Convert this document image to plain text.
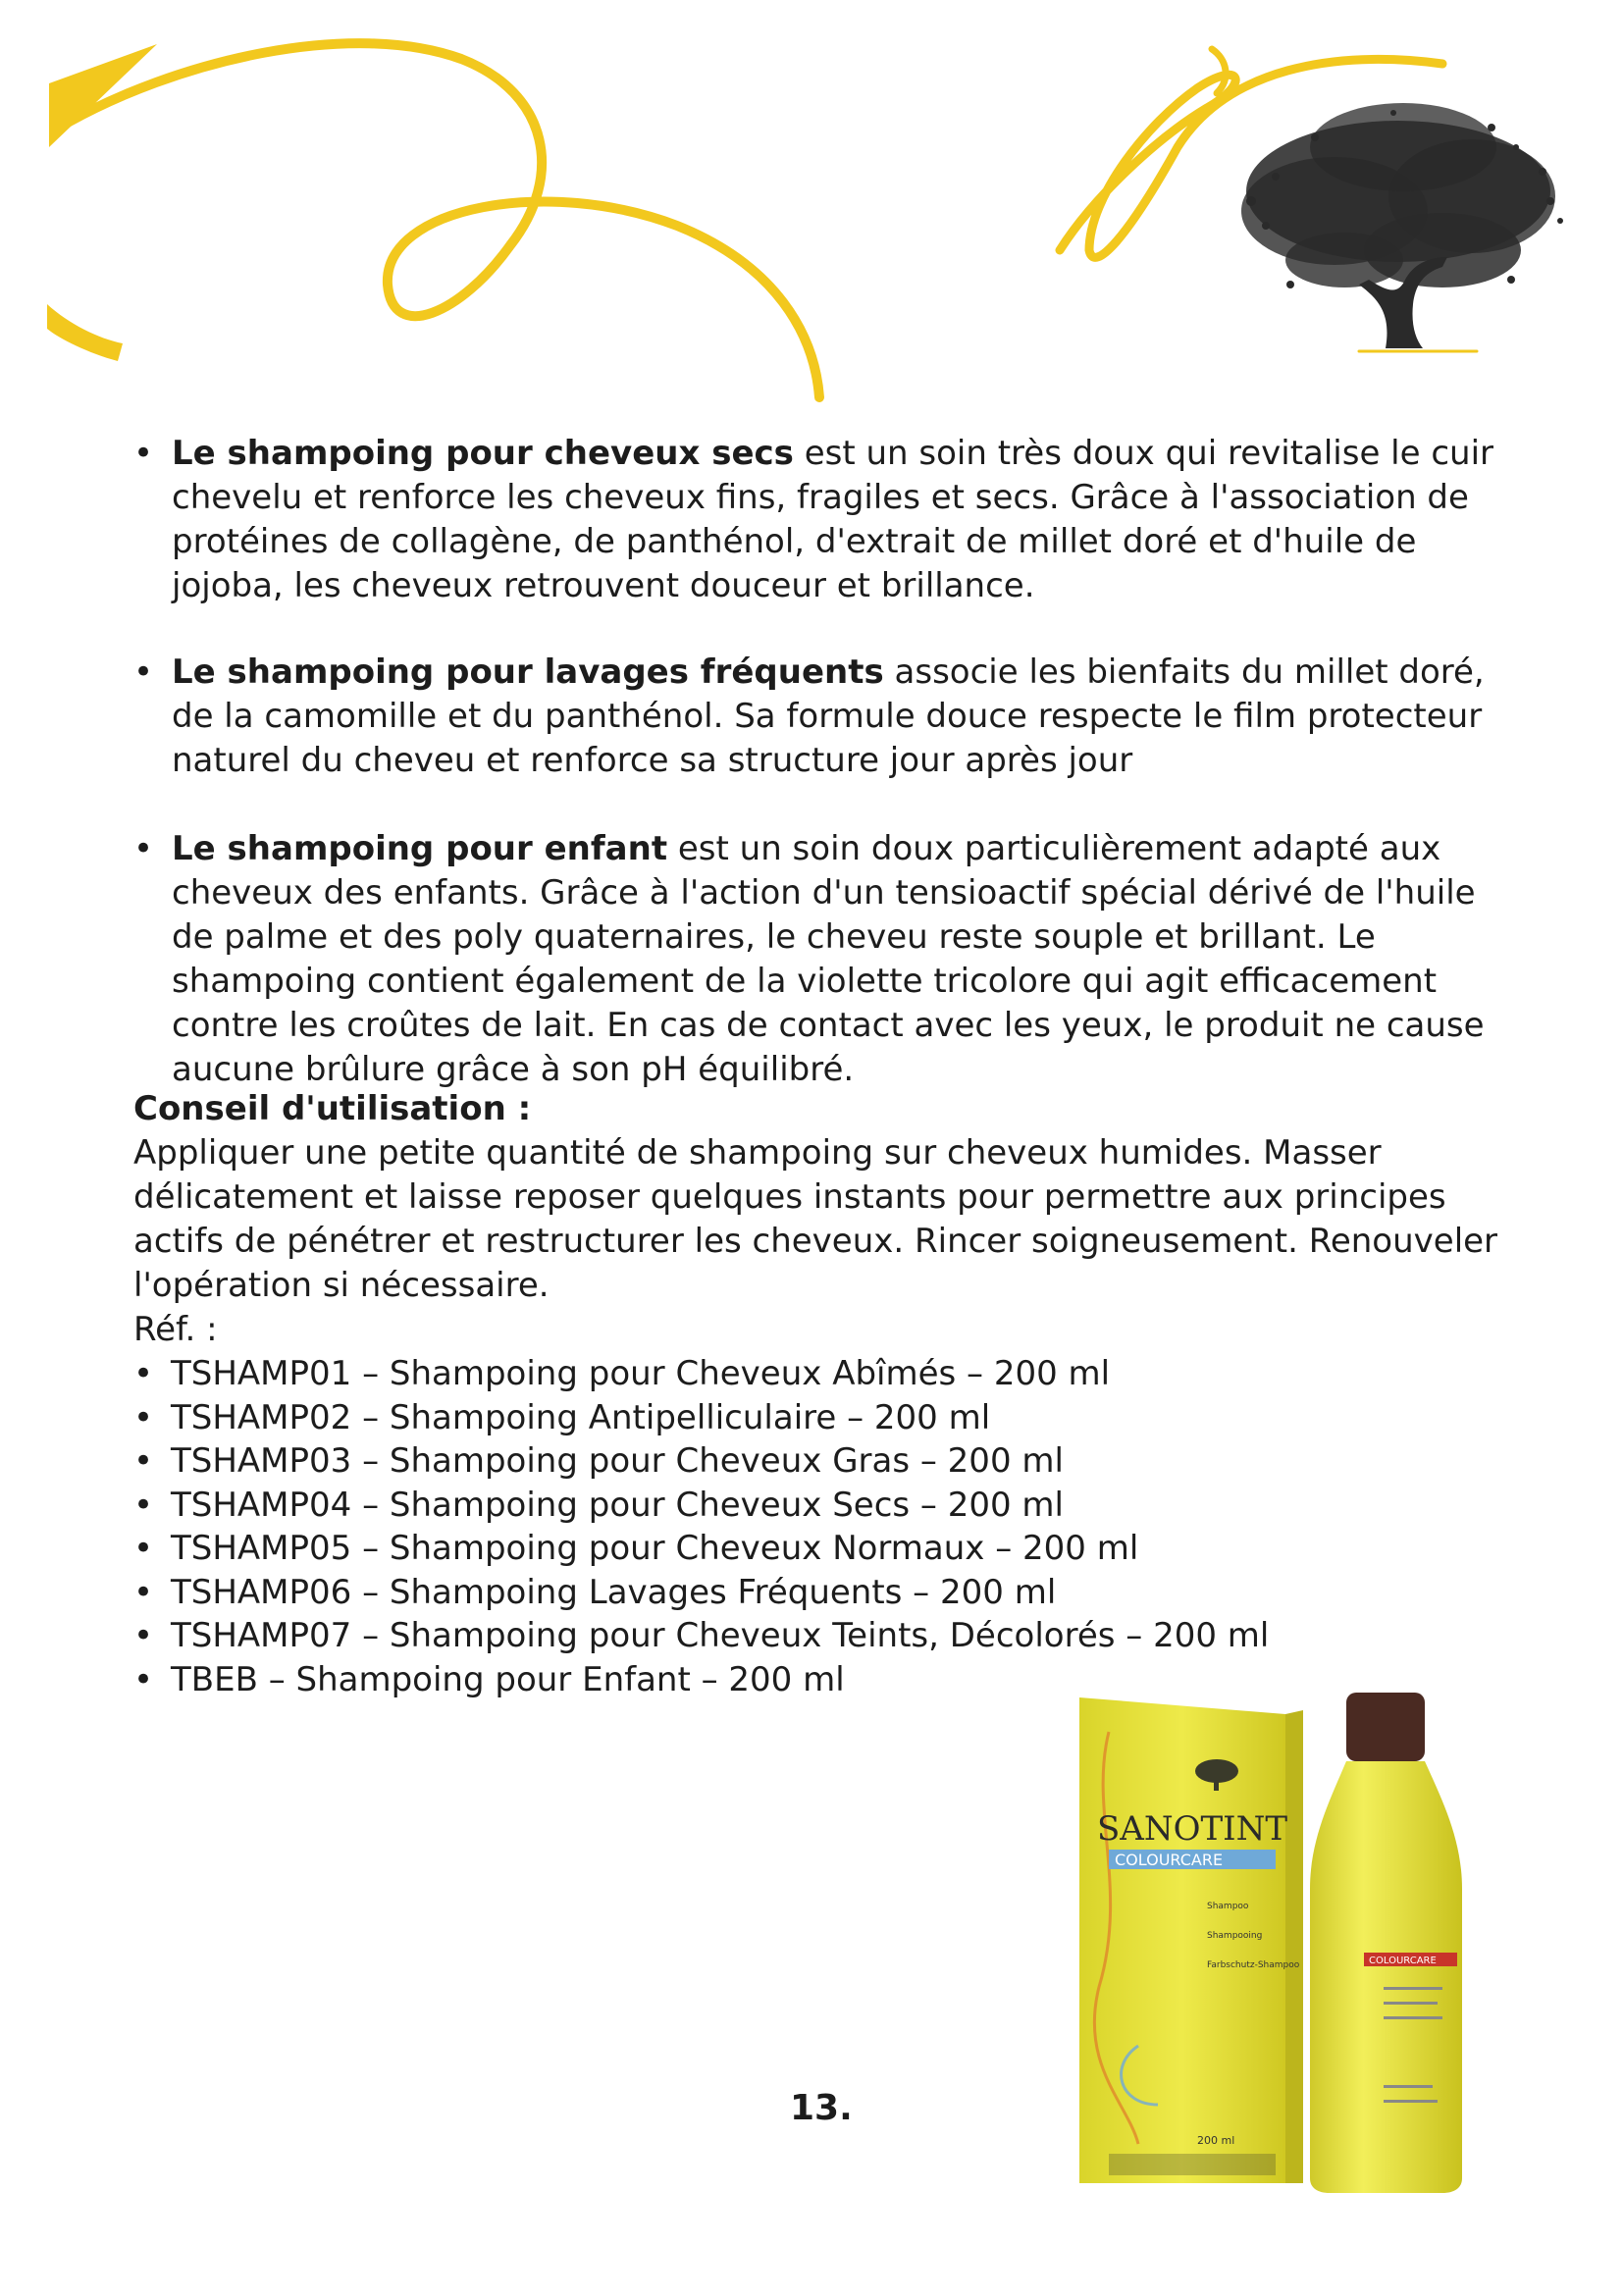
• Le shampoing pour cheveux secs est un soin très doux qui revitalise le cuir chevelu et renforce les cheveux fins, fragiles et secs. Grâce à l'association de protéines de collagène, de panthénol, d'extrait de millet doré et d'huile de jojoba, les cheveux retrouvent douceur et brillance.
• Le shampoing pour lavages fréquents associe les bienfaits du millet doré, de la camomille et du panthénol. Sa formule douce respecte le film protecteur naturel du cheveu et renforce sa structure jour après jour
• Le shampoing pour enfant est un soin doux particulièrement adapté aux cheveux des enfants. Grâce à l'action d'un tensioactif spécial dérivé de l'huile de palme et des poly quaternaires, le cheveu reste souple et brillant. Le shampoing contient également de la violette tricolore qui agit efficacement contre les croûtes de lait. En cas de contact avec les yeux, le produit ne cause aucune brûlure grâce à son pH équilibré.
Conseil d'utilisation :
Appliquer une petite quantité de shampoing sur cheveux humides. Masser délicatement et laisse reposer quelques instants pour permettre aux principes actifs de pénétrer et restructurer les cheveux. Rincer soigneusement. Renouveler l'opération si nécessaire.
Réf. :
• TSHAMP01 – Shampoing pour Cheveux Abîmés – 200 ml
• TSHAMP02 – Shampoing Antipelliculaire – 200 ml
• TSHAMP03 – Shampoing pour Cheveux Gras – 200 ml
• TSHAMP04 – Shampoing pour Cheveux Secs – 200 ml
• TSHAMP05 – Shampoing pour Cheveux Normaux – 200 ml
• TSHAMP06 – Shampoing Lavages Fréquents – 200 ml
• TSHAMP07 – Shampoing pour Cheveux Teints, Décolorés – 200 ml
• TBEB – Shampoing pour Enfant – 200 ml
SANOTINT
COLOURCARE
Shampoo
Shampooing
Farbschutz-Shampoo
200 ml
COLOURCARE
13.
